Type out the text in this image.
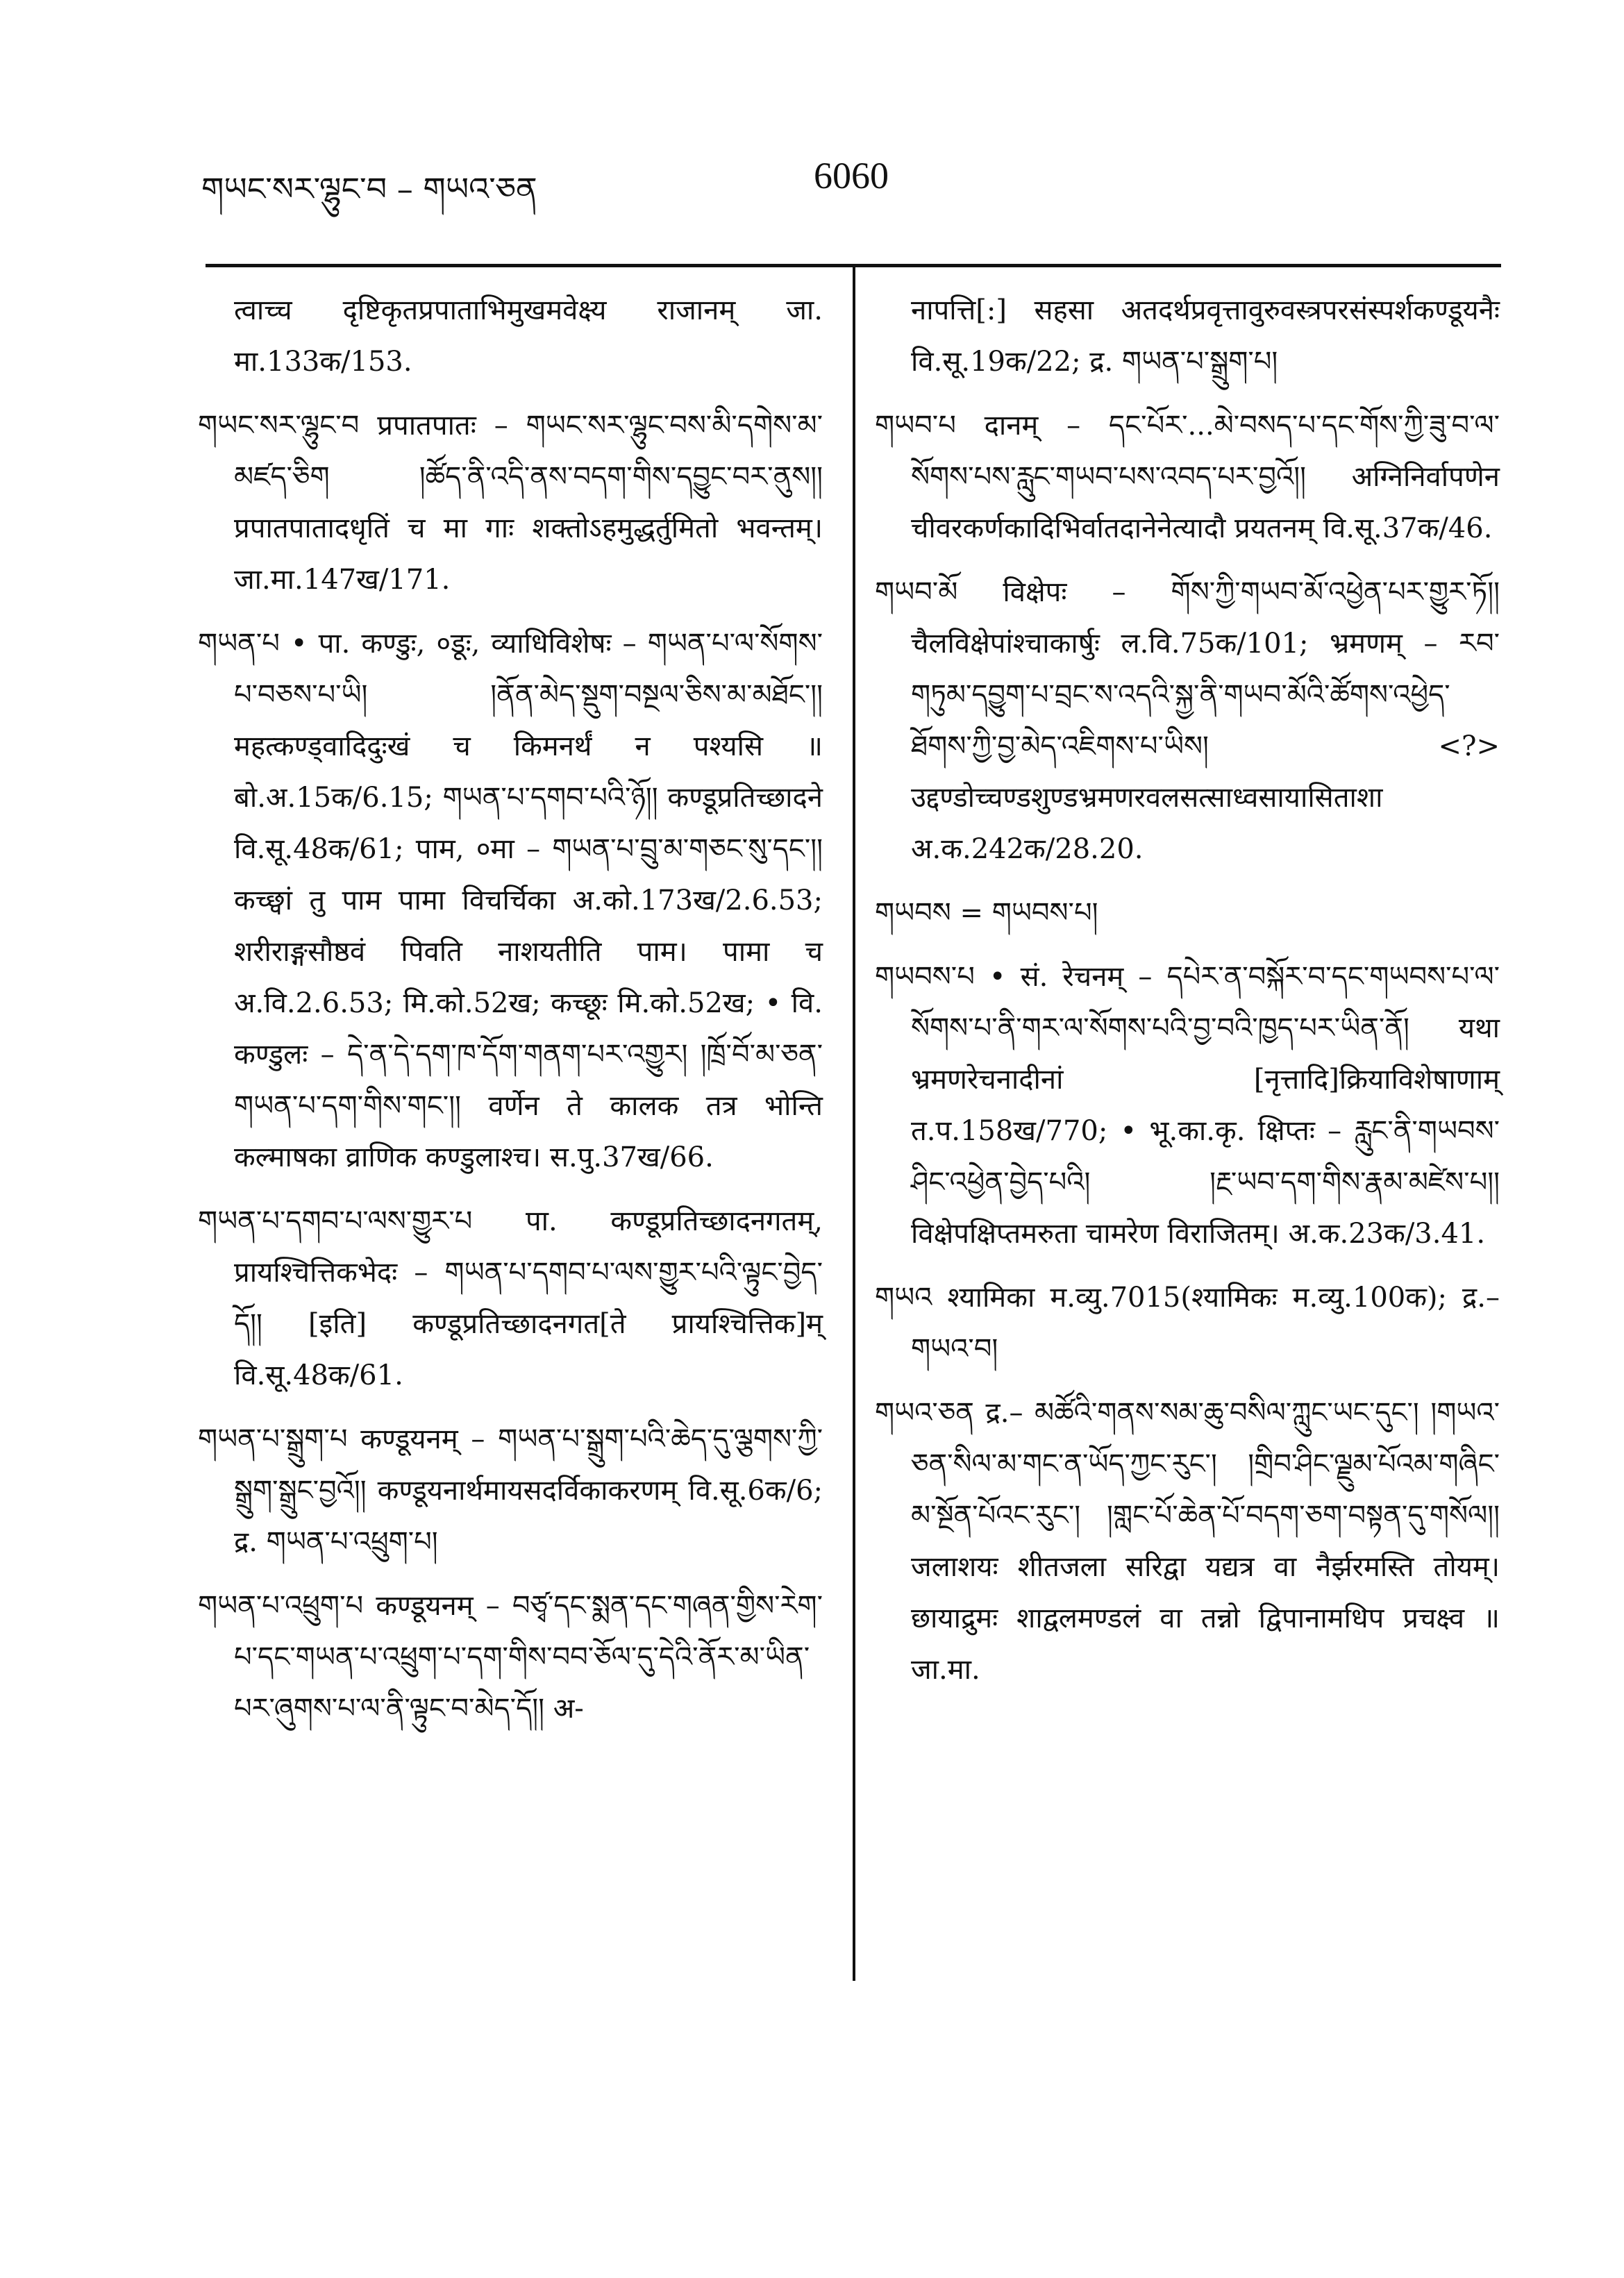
གཡང་སར་ལྷུང་བ – གཡའ་ཅན	6060

त्वाच्च दृष्टिकृतप्रपाताभिमुखमवेक्ष्य राजानम् जा. मा.133क/153.

གཡང་སར་ལྷུང་བ प्रपातपातः – གཡང་སར་ལྷུང་བས་མི་དགེས་མ་མཛད་ཅིག །ཚོད་ནི་འདི་ནས་བདག་གིས་དབྱུང་བར་ནུས།། प्रपातपातादधृतिं च मा गाः शक्तोऽहमुद्धर्तुमितो भवन्तम्। जा.मा.147ख/171.

གཡན་པ • पा. कण्डुः, ०डूः, व्याधिविशेषः – གཡན་པ་ལ་སོགས་པ་བཅས་པ་ཡི། །ནོན་མེད་སྡུག་བསྔལ་ཅིས་མ་མཐོང་།། महत्कण्ड्वादिदुःखं च किमनर्थं न पश्यसि ॥ बो.अ.15क/6.15; གཡན་པ་དགབ་པའི་ཉོ།། कण्डूप्रतिच्छादने वि.सू.48क/61; पाम, ०मा – གཡན་པ་བྲུ་མ་གཅང་སུ་དང་།། कच्छ्वां तु पाम पामा विचर्चिका अ.को.173ख/2.6.53; शरीराङ्गसौष्ठवं पिवति नाशयतीति पाम। पामा च अ.वि.2.6.53; मि.को.52ख; कच्छूः मि.को.52ख; • वि. कण्डुलः – དེ་ན་དེ་དག་ཁ་དོག་གནག་པར་འགྱུར། །ཁྲོ་བོ་མ་ཅན་གཡན་པ་དག་གིས་གང་།། वर्णेन ते कालक तत्र भोन्ति कल्माषका व्राणिक कण्डुलाश्च। स.पु.37ख/66.

གཡན་པ་དགབ་པ་ལས་གྱུར་པ पा. कण्डूप्रतिच्छादनगतम्, प्रायश्चित्तिकभेदः – གཡན་པ་དགབ་པ་ལས་གྱུར་པའི་ལྟུང་བྱེད་དོ།། [इति] कण्डूप्रतिच्छादनगत[ते प्रायश्चित्तिक]म् वि.सू.48क/61.

གཡན་པ་སྒྲུག་པ कण्डूयनम् – གཡན་པ་སྒྲུག་པའི་ཆེད་དུ་ལྕགས་ཀྱི་སྒྲུག་སྒྲུང་བྱའོ།། कण्डूयनार्थमायसदर्विकाकरणम् वि.सू.6क/6; द्र. གཡན་པ་འཕྲུག་པ།

གཡན་པ་འཕྲུག་པ कण्डूयनम् – བཙྭ་དང་སྨན་དང་གཞན་གྱིས་རེག་པ་དང་གཡན་པ་འཕྲུག་པ་དག་གིས་བབ་ཅོལ་དུ་དེའི་ནོར་མ་ཡིན་པར་ཞུགས་པ་ལ་ནི་ལྟུང་བ་མེད་དོ།། अ-

नापत्ति[:] सहसा अतदर्थप्रवृत्तावुरुवस्त्रपरसंस्पर्शकण्डूयनैः वि.सू.19क/22; द्र. གཡན་པ་སྒྲུག་པ།

གཡབ་པ दानम् – དང་པོར་...མེ་བསད་པ་དང་གོས་ཀྱི་ཟུ་བ་ལ་སོགས་པས་རླུང་གཡབ་པས་འབད་པར་བྱའོ།། अग्निनिर्वापणेन चीवरकर्णकादिभिर्वातदानेनेत्यादौ प्रयतनम् वि.सू.37क/46.

གཡབ་མོ विक्षेपः – གོས་ཀྱི་གཡབ་མོ་འཕྱེན་པར་གྱུར་ཏོ།། चैलविक्षेपांश्चाकार्षुः ल.वि.75क/101; भ्रमणम् – རབ་གཏུམ་དབྱུག་པ་བྲང་ས་འདའི་སྐྱ་ནི་གཡབ་མོའི་ཚོགས་འཕྱེད་ཐོགས་ཀྱི་བྱ་མེད་འཇིགས་པ་ཡིས། <?> उद्दण्डोच्चण्डशुण्डभ्रमणरवलसत्साध्वसायासिताशा अ.क.242क/28.20.

གཡབས = གཡབས་པ།

གཡབས་པ • सं. रेचनम् – དཔེར་ན་བསྐོར་བ་དང་གཡབས་པ་ལ་སོགས་པ་ནི་གར་ལ་སོགས་པའི་བྱ་བའི་ཁྱད་པར་ཡིན་ནོ། यथा भ्रमणरेचनादीनां [नृत्तादि]क्रियाविशेषाणाम् त.प.158ख/770; • भू.का.कृ. क्षिप्तः – རླུང་ནི་གཡབས་ཤིང་འཕྱེན་བྱེད་པའི། །རྔ་ཡབ་དག་གིས་རྣམ་མཛེས་པ།། विक्षेपक्षिप्तमरुता चामरेण विराजितम्। अ.क.23क/3.41.

གཡའ श्यामिका म.व्यु.7015(श्यामिकः म.व्यु.100क); द्र.– གཡའ་བ།

གཡའ་ཅན द्र.– མཚོའི་གནས་སམ་ཆུ་བསིལ་ཀླུང་ཡང་དུང་། །གཡའ་ཅན་སིལ་མ་གང་ན་ཡོད་ཀྱང་རུང་། །གྲིབ་ཤིང་ལྗུམ་པོའམ་གཞིང་མ་སྔོན་པོའང་རུང་། །གླང་པོ་ཆེན་པོ་བདག་ཅག་བསྟན་དུ་གསོལ།། जलाशयः शीतजला सरिद्वा यद्यत्र वा नैर्झरमस्ति तोयम्। छायाद्रुमः शाद्वलमण्डलं वा तन्नो द्विपानामधिप प्रचक्ष्व ॥ जा.मा.
